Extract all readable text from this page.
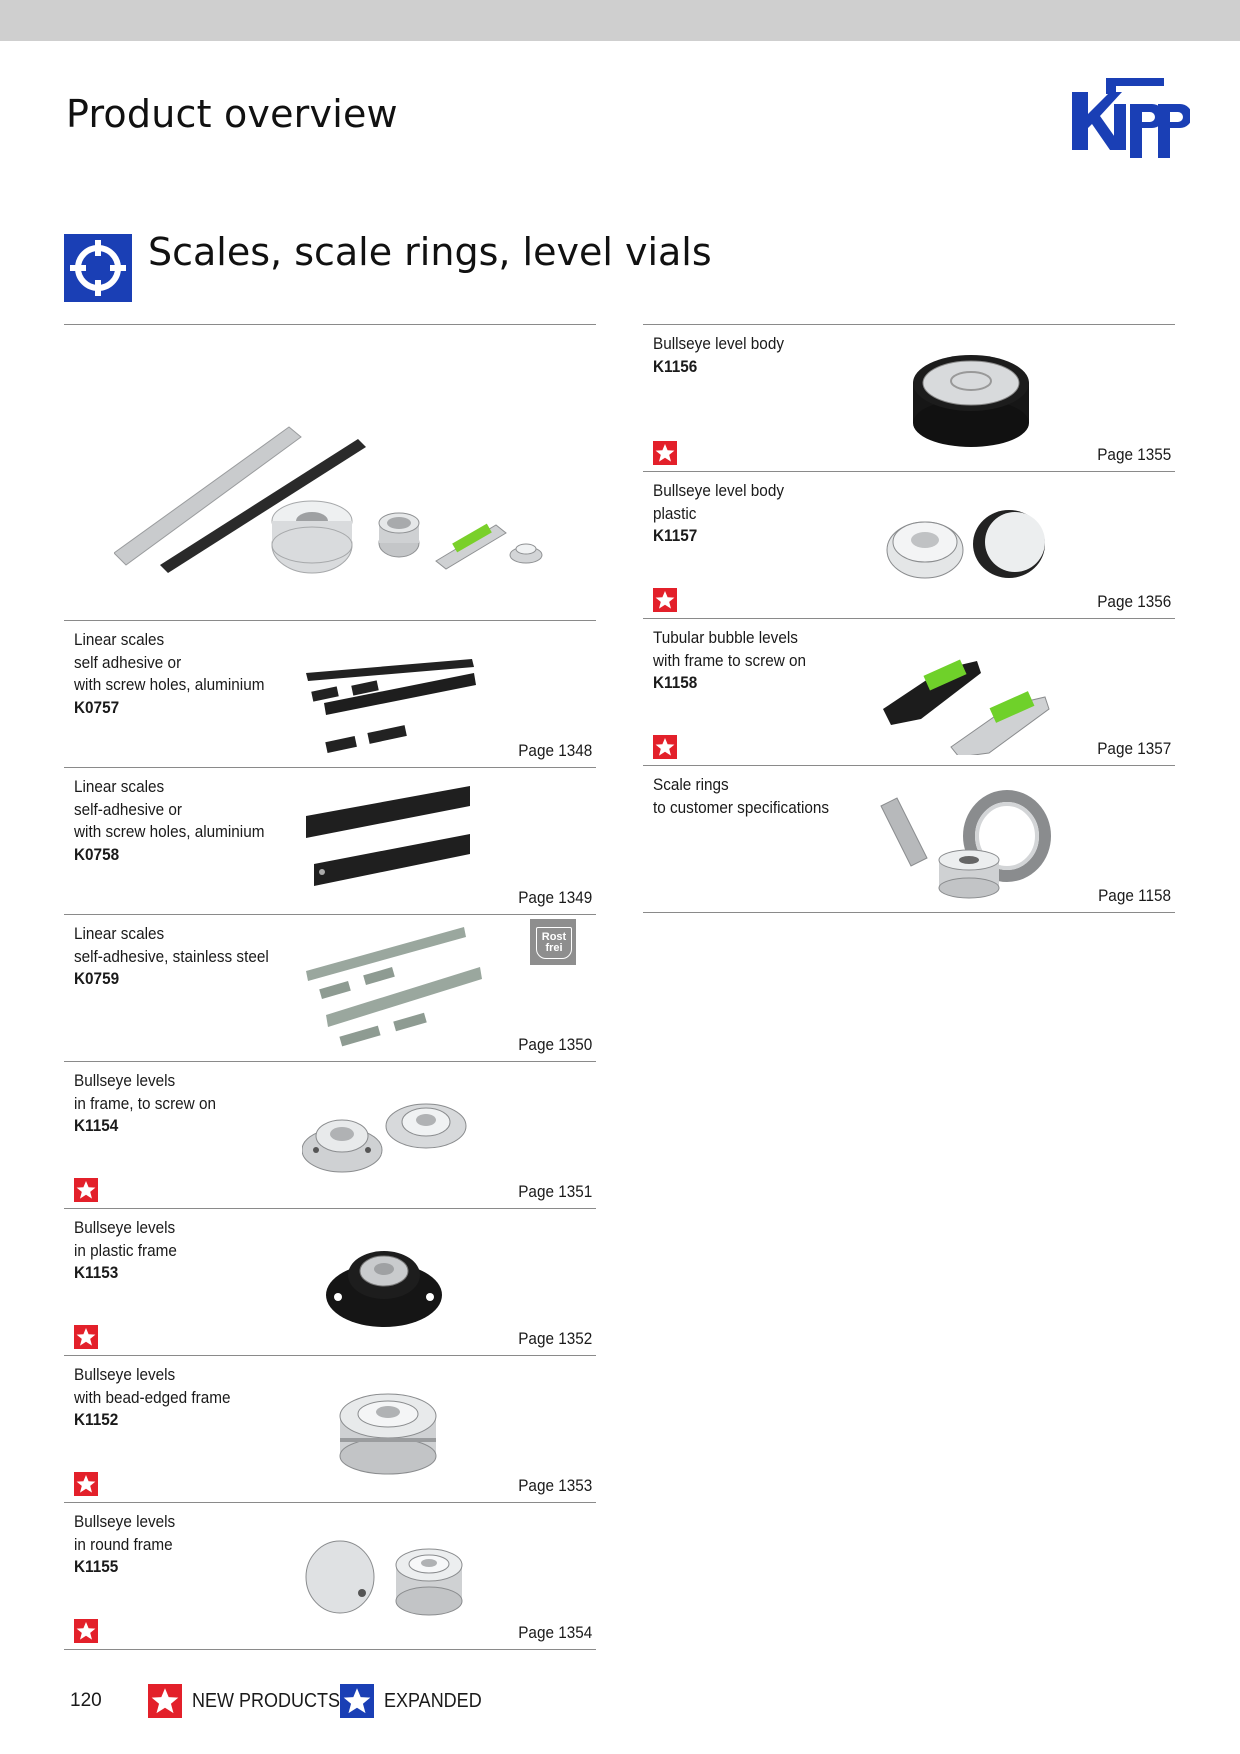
Product overview
Scales, scale rings, level vials
Linear scales
self adhesive or
with screw holes, aluminium
K0757
Page 1348
Linear scales
self-adhesive or
with screw holes, aluminium
K0758
Page 1349
Linear scales
self-adhesive, stainless steel
K0759
Rost
frei
Page 1350
Bullseye levels
in frame, to screw on
K1154
Page 1351
Bullseye levels
in plastic frame
K1153
Page 1352
Bullseye levels
with bead-edged frame
K1152
Page 1353
Bullseye levels
in round frame
K1155
Page 1354
Bullseye level body
K1156
Page 1355
Bullseye level body
plastic
K1157
Page 1356
Tubular bubble levels
with frame to screw on
K1158
Page 1357
Scale rings
to customer specifications
Page 1158
120	NEW PRODUCTS EXPANDED
